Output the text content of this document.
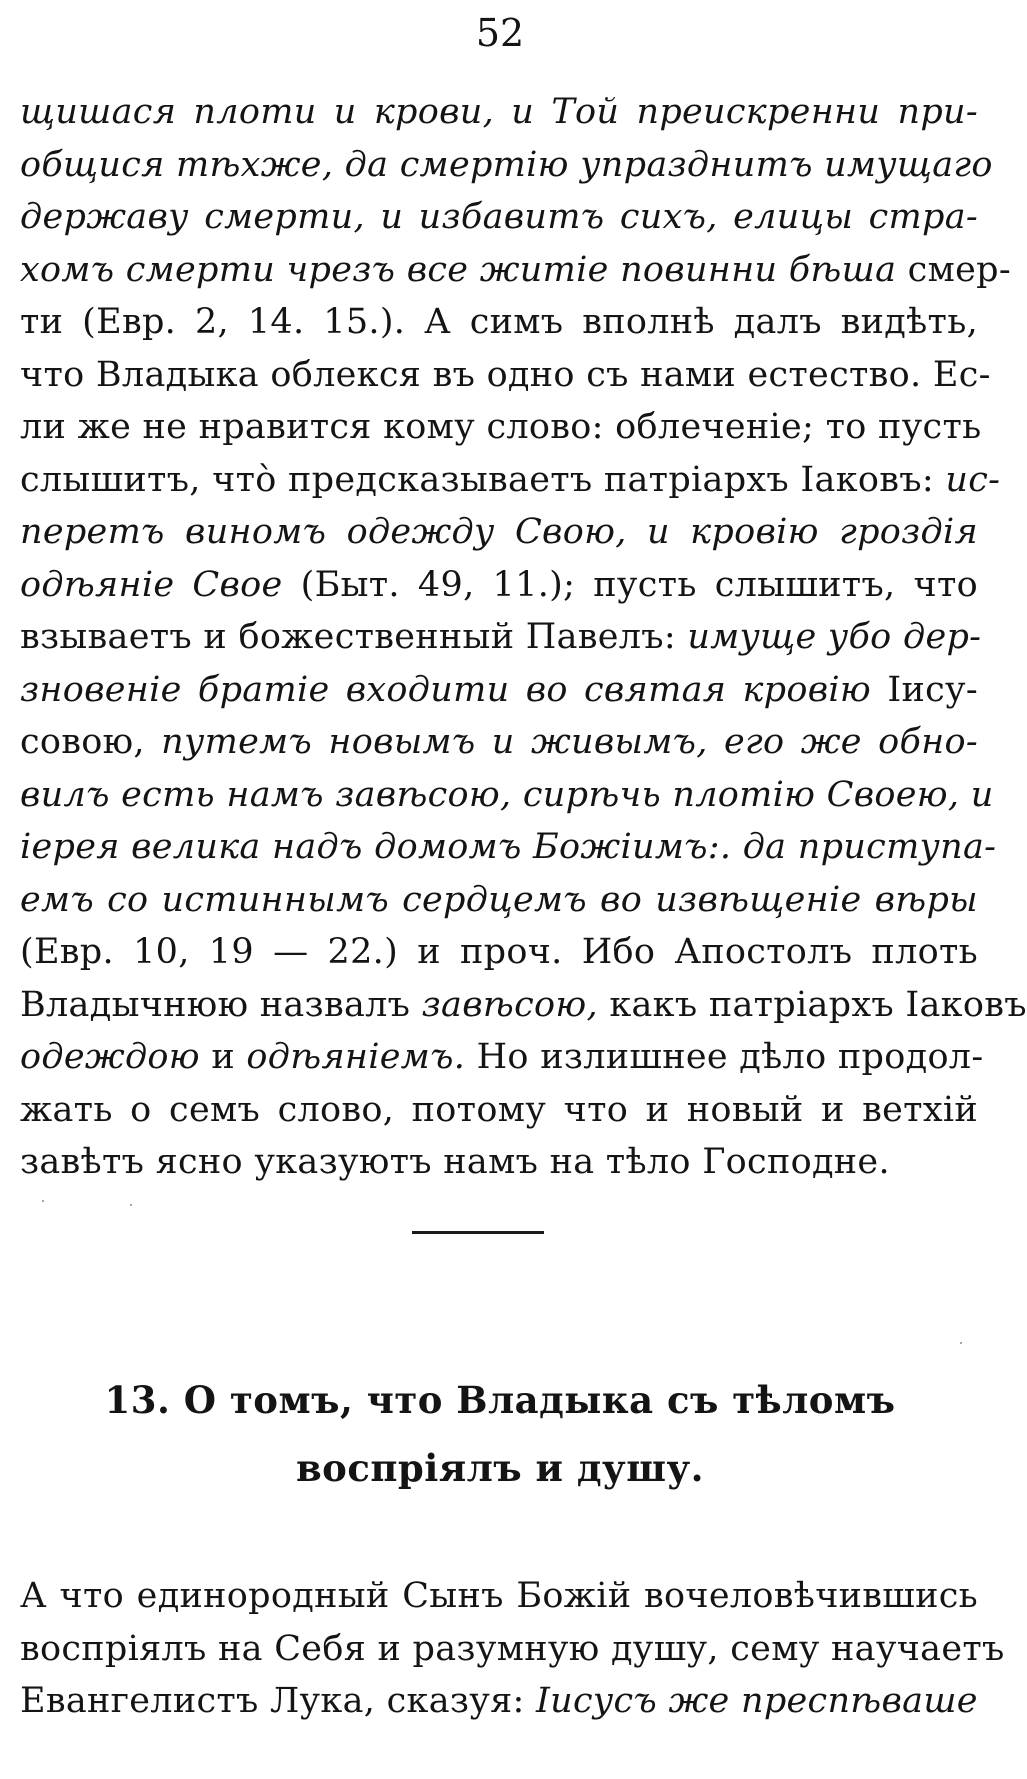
52
щишася плоти и крови, и Той преискренни при-
общися тѣхже, да смертію упразднитъ имущаго
державу смерти, и избавитъ сихъ, елицы стра-
хомъ смерти чрезъ все житіе повинни бѣша смер-
ти (Евр. 2, 14. 15.). А симъ вполнѣ далъ видѣть,
что Владыка облекся въ одно съ нами естество. Ес-
ли же не нравится кому слово: облеченіе; то пусть
слышитъ, что̀ предсказываетъ патріархъ Іаковъ: ис-
перетъ виномъ одежду Свою, и кровію гроздія
одѣяніе Свое (Быт. 49, 11.); пусть слышитъ, что
взываетъ и божественный Павелъ: имуще убо дер-
зновеніе братіе входити во святая кровію Іису-
совою, путемъ новымъ и живымъ, его же обно-
вилъ есть намъ завѣсою, сирѣчь плотію Своею, и
іерея велика надъ домомъ Божіимъ:. да приступа-
емъ со истиннымъ сердцемъ во извѣщеніе вѣры
(Евр. 10, 19 — 22.) и проч. Ибо Апостолъ плоть
Владычнюю назвалъ завѣсою, какъ патріархъ Іаковъ
одеждою и одѣяніемъ. Но излишнее дѣло продол-
жать о семъ слово, потому что и новый и ветхій
завѣтъ ясно указуютъ намъ на тѣло Господне.
13. О томъ, что Владыка съ тѣломъ
воспріялъ и душу.
А что единородный Сынъ Божій вочеловѣчившись
воспріялъ на Себя и разумную душу, сему научаетъ
Евангелистъ Лука, сказуя: Іисусъ же преспѣваше
